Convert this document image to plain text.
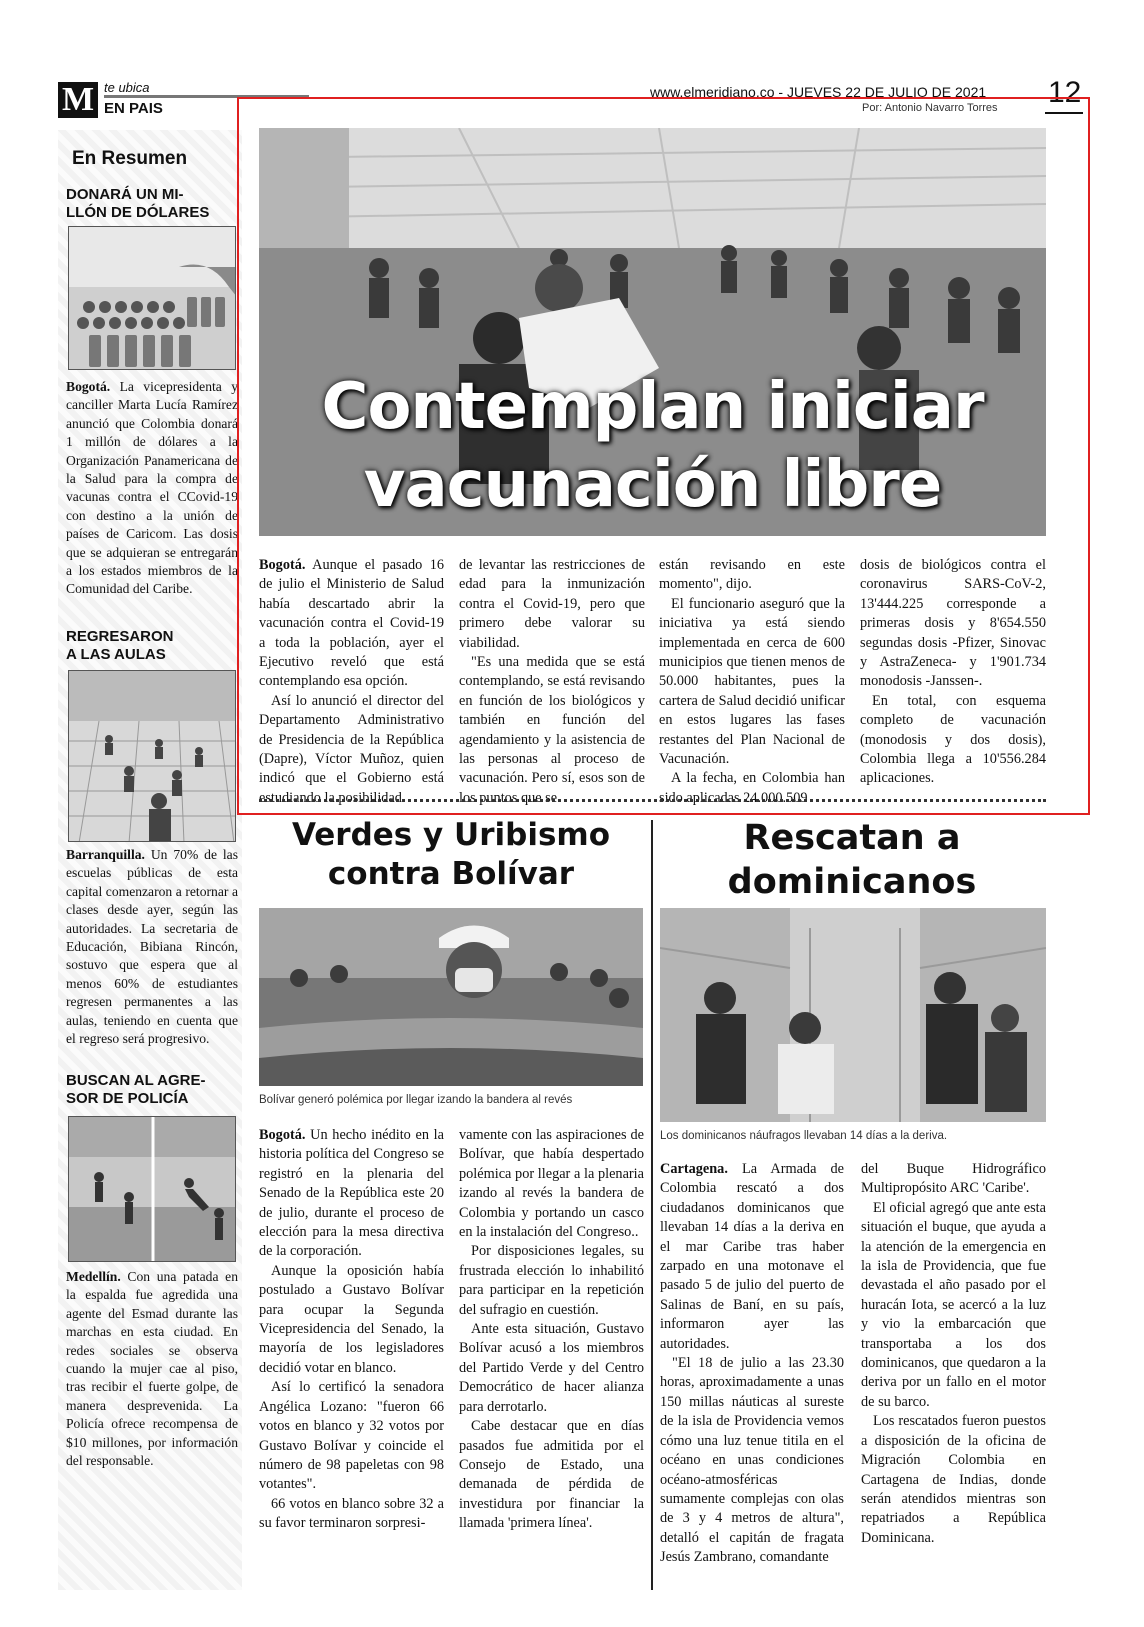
M te ubica
EN PAIS
www.elmeridiano.co - JUEVES 22 DE JULIO DE 2021
Por: Antonio Navarro Torres 12
En Resumen
DONARÁ UN MI-
LLÓN DE DÓLARES
Bogotá. La vicepresidenta y canciller Marta Lucía Ramírez anunció que Colombia donará 1 millón de dólares a la Organización Panamericana de la Salud para la compra de vacunas contra el CCovid-19 con destino a la unión de países de Caricom. Las dosis que se adquieran se entregarán a los estados miembros de la Comunidad del Caribe.
REGRESARON
A LAS AULAS
Barranquilla. Un 70% de las escuelas públicas de esta capital comenzaron a retornar a clases desde ayer, según las autoridades. La secretaria de Educación, Bibiana Rincón, sostuvo que espera que al menos 60% de estudiantes regresen permanentes a las aulas, teniendo en cuenta que el regreso será progresivo.
BUSCAN AL AGRE-
SOR DE POLICÍA
Medellín. Con una patada en la espalda fue agredida una agente del Esmad durante las marchas en esta ciudad. En redes sociales se observa cuando la mujer cae al piso, tras recibir el fuerte golpe, de manera desprevenida. La Policía ofrece recompensa de $10 millones, por información del responsable.
Contemplan iniciar
vacunación libre

Bogotá. Aunque el pasado 16 de julio el Ministerio de Salud había descartado abrir la vacunación contra el Covid-19 a toda la población, ayer el Ejecutivo reveló que está contemplando esa opción.

Así lo anunció el director del Departamento Administrativo de Presidencia de la República (Dapre), Víctor Muñoz, quien indicó que el Gobierno está estudiando la posibilidad

de levantar las restricciones de edad para la inmunización contra el Covid-19, pero que primero debe valorar su viabilidad.

"Es una medida que se está contemplando, se está revisando en función de los biológicos y también en función del agendamiento y la asistencia de las personas al proceso de vacunación. Pero sí, esos son de los puntos que se

están revisando en este momento", dijo.

El funcionario aseguró que la iniciativa ya está siendo implementada en cerca de 600 municipios que tienen menos de 50.000 habitantes, pues la cartera de Salud decidió unificar en estos lugares las fases restantes del Plan Nacional de Vacunación.

A la fecha, en Colombia han sido aplicadas 24.000.509

dosis de biológicos contra el coronavirus SARS-CoV-2, 13'444.225 corresponde a primeras dosis y 8'654.550 segundas dosis -Pfizer, Sinovac y AstraZeneca- y 1'901.734 monodosis -Janssen-.

En total, con esquema completo de vacunación (monodosis y dos dosis), Colombia llega a 10'556.284 aplicaciones.

Verdes y Uribismo
contra Bolívar
Bolívar generó polémica por llegar izando la bandera al revés

Bogotá. Un hecho inédito en la historia política del Congreso se registró en la plenaria del Senado de la República este 20 de julio, durante el proceso de elección para la mesa directiva de la corporación.

Aunque la oposición había postulado a Gustavo Bolívar para ocupar la Segunda Vicepresidencia del Senado, la mayoría de los legisladores decidió votar en blanco.

Así lo certificó la senadora Angélica Lozano: "fueron 66 votos en blanco y 32 votos por Gustavo Bolívar y coincide el número de 98 papeletas con 98 votantes".

66 votos en blanco sobre 32 a su favor terminaron sorpresi-

vamente con las aspiraciones de Bolívar, que había despertado polémica por llegar a la plenaria izando al revés la bandera de Colombia y portando un casco en la instalación del Congreso..

Por disposiciones legales, su frustrada elección lo inhabilitó para participar en la repetición del sufragio en cuestión.

Ante esta situación, Gustavo Bolívar acusó a los miembros del Partido Verde y del Centro Democrático de hacer alianza para derrotarlo.

Cabe destacar que en días pasados fue admitida por el Consejo de Estado, una demanada de pérdida de investidura por financiar la llamada 'primera línea'.

Rescatan a
dominicanos
Los dominicanos náufragos llevaban 14 días a la deriva.

Cartagena. La Armada de Colombia rescató a dos ciudadanos dominicanos que llevaban 14 días a la deriva en el mar Caribe tras haber zarpado en una motonave el pasado 5 de julio del puerto de Salinas de Baní, en su país, informaron ayer las autoridades.

"El 18 de julio a las 23.30 horas, aproximadamente a unas 150 millas náuticas al sureste de la isla de Providencia vemos cómo una luz tenue titila en el océano en unas condiciones océano-atmosféricas sumamente complejas con olas de 3 y 4 metros de altura", detalló el capitán de fragata Jesús Zambrano, comandante

del Buque Hidrográfico Multipropósito ARC 'Caribe'.

El oficial agregó que ante esta situación el buque, que ayuda a la atención de la emergencia en la isla de Providencia, que fue devastada el año pasado por el huracán Iota, se acercó a la luz y vio la embarcación que transportaba a los dos dominicanos, que quedaron a la deriva por un fallo en el motor de su barco.

Los rescatados fueron puestos a disposición de la oficina de Migración Colombia en Cartagena de Indias, donde serán atendidos mientras son repatriados a República Dominicana.
